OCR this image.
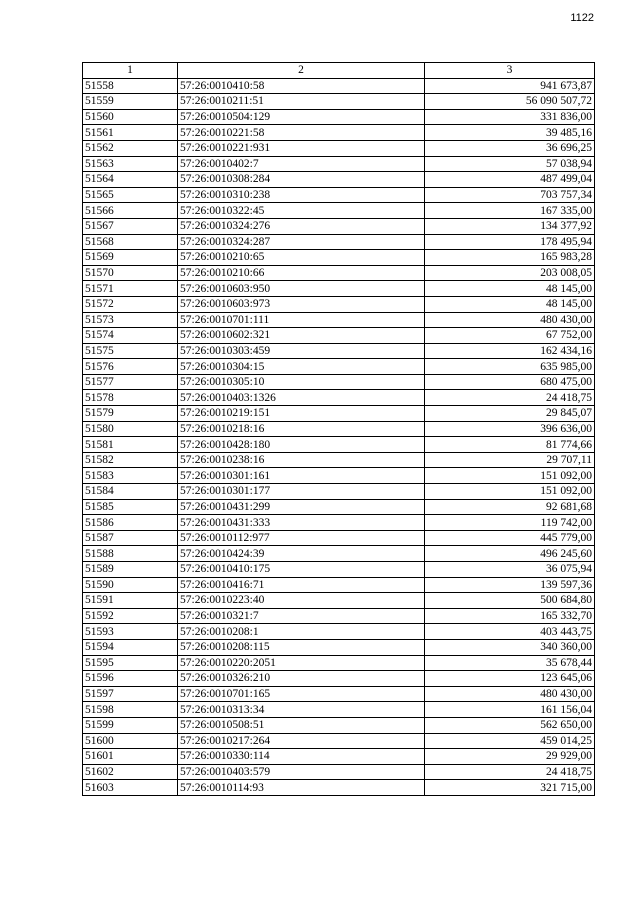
1122
1	2	3
51558	57:26:0010410:58	941 673,87
51559	57:26:0010211:51	56 090 507,72
51560	57:26:0010504:129	331 836,00
51561	57:26:0010221:58	39 485,16
51562	57:26:0010221:931	36 696,25
51563	57:26:0010402:7	57 038,94
51564	57:26:0010308:284	487 499,04
51565	57:26:0010310:238	703 757,34
51566	57:26:0010322:45	167 335,00
51567	57:26:0010324:276	134 377,92
51568	57:26:0010324:287	178 495,94
51569	57:26:0010210:65	165 983,28
51570	57:26:0010210:66	203 008,05
51571	57:26:0010603:950	48 145,00
51572	57:26:0010603:973	48 145,00
51573	57:26:0010701:111	480 430,00
51574	57:26:0010602:321	67 752,00
51575	57:26:0010303:459	162 434,16
51576	57:26:0010304:15	635 985,00
51577	57:26:0010305:10	680 475,00
51578	57:26:0010403:1326	24 418,75
51579	57:26:0010219:151	29 845,07
51580	57:26:0010218:16	396 636,00
51581	57:26:0010428:180	81 774,66
51582	57:26:0010238:16	29 707,11
51583	57:26:0010301:161	151 092,00
51584	57:26:0010301:177	151 092,00
51585	57:26:0010431:299	92 681,68
51586	57:26:0010431:333	119 742,00
51587	57:26:0010112:977	445 779,00
51588	57:26:0010424:39	496 245,60
51589	57:26:0010410:175	36 075,94
51590	57:26:0010416:71	139 597,36
51591	57:26:0010223:40	500 684,80
51592	57:26:0010321:7	165 332,70
51593	57:26:0010208:1	403 443,75
51594	57:26:0010208:115	340 360,00
51595	57:26:0010220:2051	35 678,44
51596	57:26:0010326:210	123 645,06
51597	57:26:0010701:165	480 430,00
51598	57:26:0010313:34	161 156,04
51599	57:26:0010508:51	562 650,00
51600	57:26:0010217:264	459 014,25
51601	57:26:0010330:114	29 929,00
51602	57:26:0010403:579	24 418,75
51603	57:26:0010114:93	321 715,00
